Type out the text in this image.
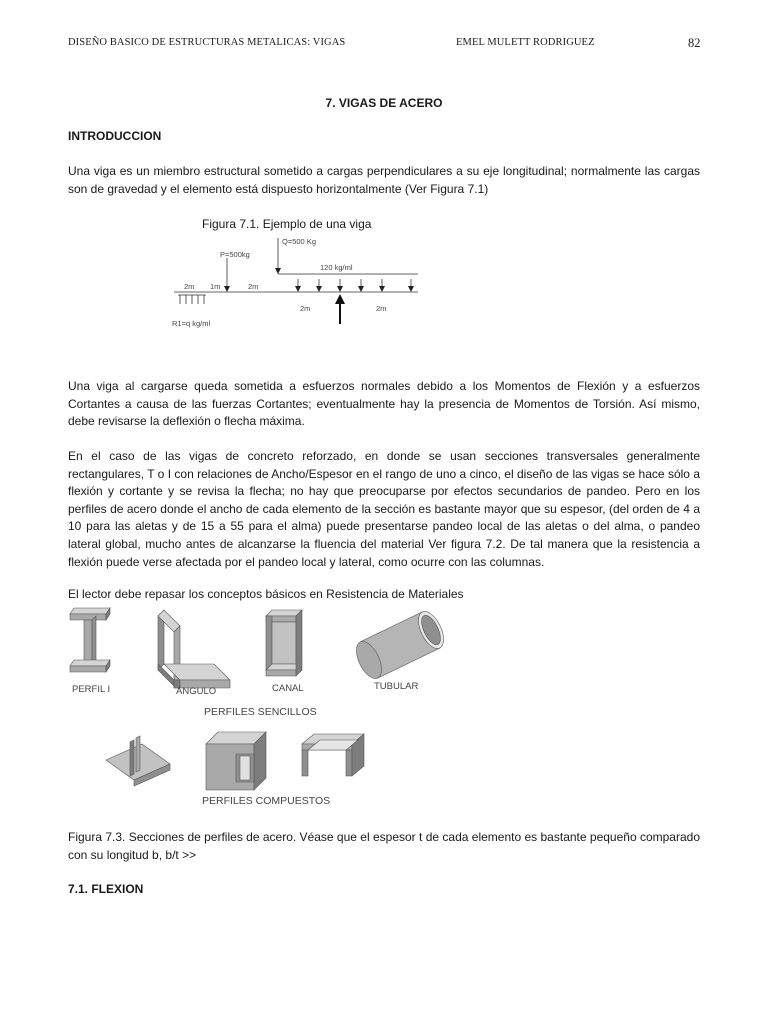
DISEÑO BASICO DE ESTRUCTURAS METALICAS: VIGAS	EMEL MULETT RODRIGUEZ	82
7. VIGAS DE ACERO
INTRODUCCION
Una viga es un miembro estructural sometido a cargas perpendiculares a su eje longitudinal; normalmente las cargas son de gravedad y el elemento está dispuesto horizontalmente (Ver Figura 7.1)
Figura 7.1. Ejemplo de una viga
P=500kg
Q=500 Kg
120 kg/ml
2m 1m	2m
2m	2m
R1=q kg/ml
Una viga al cargarse queda sometida a esfuerzos normales debido a los Momentos de Flexión y a esfuerzos Cortantes a causa de las fuerzas Cortantes; eventualmente hay la presencia de Momentos de Torsión. Así mismo, debe revisarse la deflexión o flecha máxima.
En el caso de las vigas de concreto reforzado, en donde se usan secciones transversales generalmente rectangulares, T o I con relaciones de Ancho/Espesor en el rango de uno a cinco, el diseño de las vigas se hace sólo a flexión y cortante y se revisa la flecha; no hay que preocuparse por efectos secundarios de pandeo. Pero en los perfiles de acero donde el ancho de cada elemento de la sección es bastante mayor que su espesor, (del orden de 4 a 10 para las aletas y de 15 a 55 para el alma) puede presentarse pandeo local de las aletas o del alma, o pandeo lateral global, mucho antes de alcanzarse la fluencia del material Ver figura 7.2. De tal manera que la resistencia a flexión puede verse afectada por el pandeo local y lateral, como ocurre con las columnas.
El lector debe repasar los conceptos básicos en Resistencia de Materiales
PERFIL I	ÁNGULO	CANAL	TUBULAR
PERFILES SENCILLOS
PERFILES COMPUESTOS
Figura 7.3. Secciones de perfiles de acero. Véase que el espesor t de cada elemento es bastante pequeño comparado con su longitud b, b/t >>
7.1. FLEXION
